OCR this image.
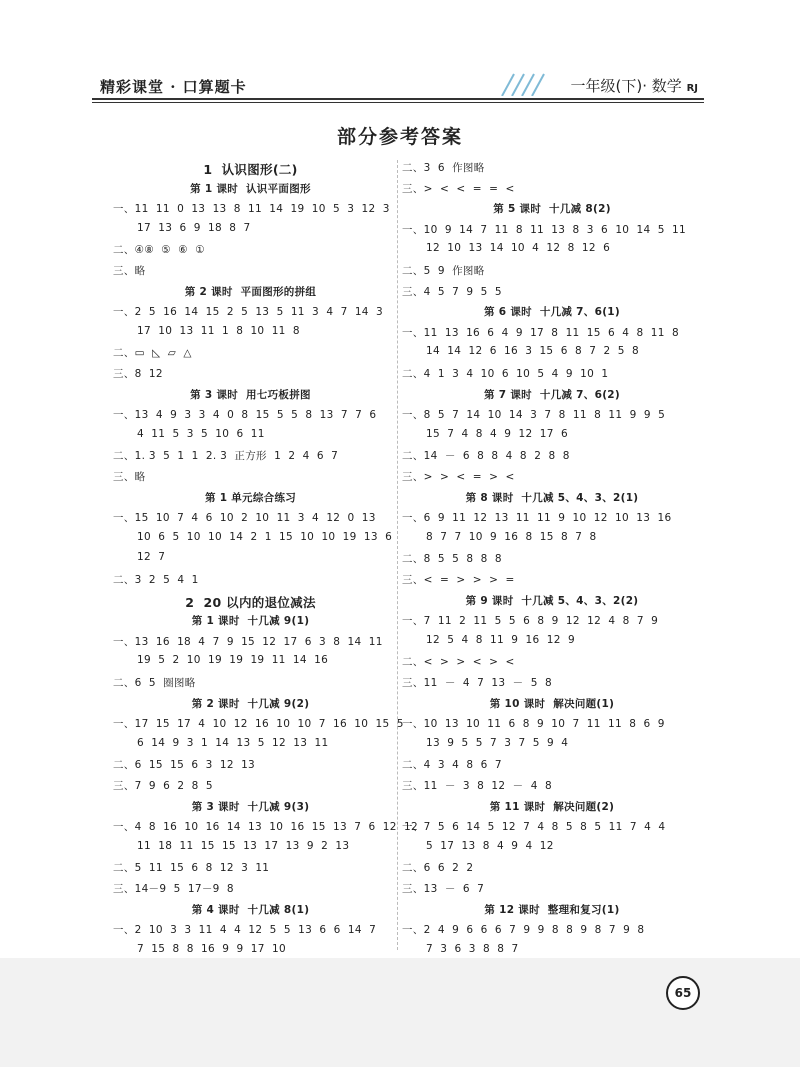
精彩课堂 · 口算题卡	一年级(下)· 数学 RJ
部分参考答案
1  认识图形(二)
第 1 课时  认识平面图形
一、11  11  0  13  13  8  11  14  19  10  5  3  12  3
17  13  6  9  18  8  7
二、④⑧  ⑤  ⑥  ①
三、略
第 2 课时  平面图形的拼组
一、2  5  16  14  15  2  5  13  5  11  3  4  7  14  3
17  10  13  11  1  8  10  11  8
二、▭  ◺  ▱  △
三、8  12
第 3 课时  用七巧板拼图
一、13  4  9  3  3  4  0  8  15  5  5  8  13  7  7  6
4  11  5  3  5  10  6  11
二、1. 3  5  1  1  2. 3  正方形  1  2  4  6  7
三、略
第 1 单元综合练习
一、15  10  7  4  6  10  2  10  11  3  4  12  0  13
10  6  5  10  10  14  2  1  15  10  10  19  13  6
12  7
二、3  2  5  4  1
2  20 以内的退位减法
第 1 课时  十几减 9(1)
一、13  16  18  4  7  9  15  12  17  6  3  8  14  11
19  5  2  10  19  19  19  11  14  16
二、6  5  圈图略
第 2 课时  十几减 9(2)
一、17  15  17  4  10  12  16  10  10  7  16  10  15  5
6  14  9  3  1  14  13  5  12  13  11
二、6  15  15  6  3  12  13
三、7  9  6  2  8  5
第 3 课时  十几减 9(3)
一、4  8  16  10  16  14  13  10  16  15  13  7  6  12  12
11  18  11  15  15  13  17  13  9  2  13
二、5  11  15  6  8  12  3  11
三、14－9  5  17－9  8
第 4 课时  十几减 8(1)
一、2  10  3  3  11  4  4  12  5  5  13  6  6  14  7
7  15  8  8  16  9  9  17  10
二、3  6  作图略
三、>  <  <  =  =  <
第 5 课时  十几减 8(2)
一、10  9  14  7  11  8  11  13  8  3  6  10  14  5  11
12  10  13  14  10  4  12  8  12  6
二、5  9  作图略
三、4  5  7  9  5  5
第 6 课时  十几减 7、6(1)
一、11  13  16  6  4  9  17  8  11  15  6  4  8  11  8
14  14  12  6  16  3  15  6  8  7  2  5  8
二、4  1  3  4  10  6  10  5  4  9  10  1
第 7 课时  十几减 7、6(2)
一、8  5  7  14  10  14  3  7  8  11  8  11  9  9  5
15  7  4  8  4  9  12  17  6
二、14  －  6  8  8  4  8  2  8  8
三、>  >  <  =  >  <
第 8 课时  十几减 5、4、3、2(1)
一、6  9  11  12  13  11  11  9  10  12  10  13  16
8  7  7  10  9  16  8  15  8  7  8
二、8  5  5  8  8  8
三、<  =  >  >  >  =
第 9 课时  十几减 5、4、3、2(2)
一、7  11  2  11  5  5  6  8  9  12  12  4  8  7  9
12  5  4  8  11  9  16  12  9
二、<  >  >  <  >  <
三、11  －  4  7  13  －  5  8
第 10 课时  解决问题(1)
一、10  13  10  11  6  8  9  10  7  11  11  8  6  9
13  9  5  5  7  3  7  5  9  4
二、4  3  4  8  6  7
三、11  －  3  8  12  －  4  8
第 11 课时  解决问题(2)
一、7  5  6  14  5  12  7  4  8  5  8  5  11  7  4  4
5  17  13  8  4  9  4  12
二、6  6  2  2
三、13  －  6  7
第 12 课时  整理和复习(1)
一、2  4  9  6  6  6  7  9  9  8  8  9  8  7  9  8
7  3  6  3  8  8  7
65
